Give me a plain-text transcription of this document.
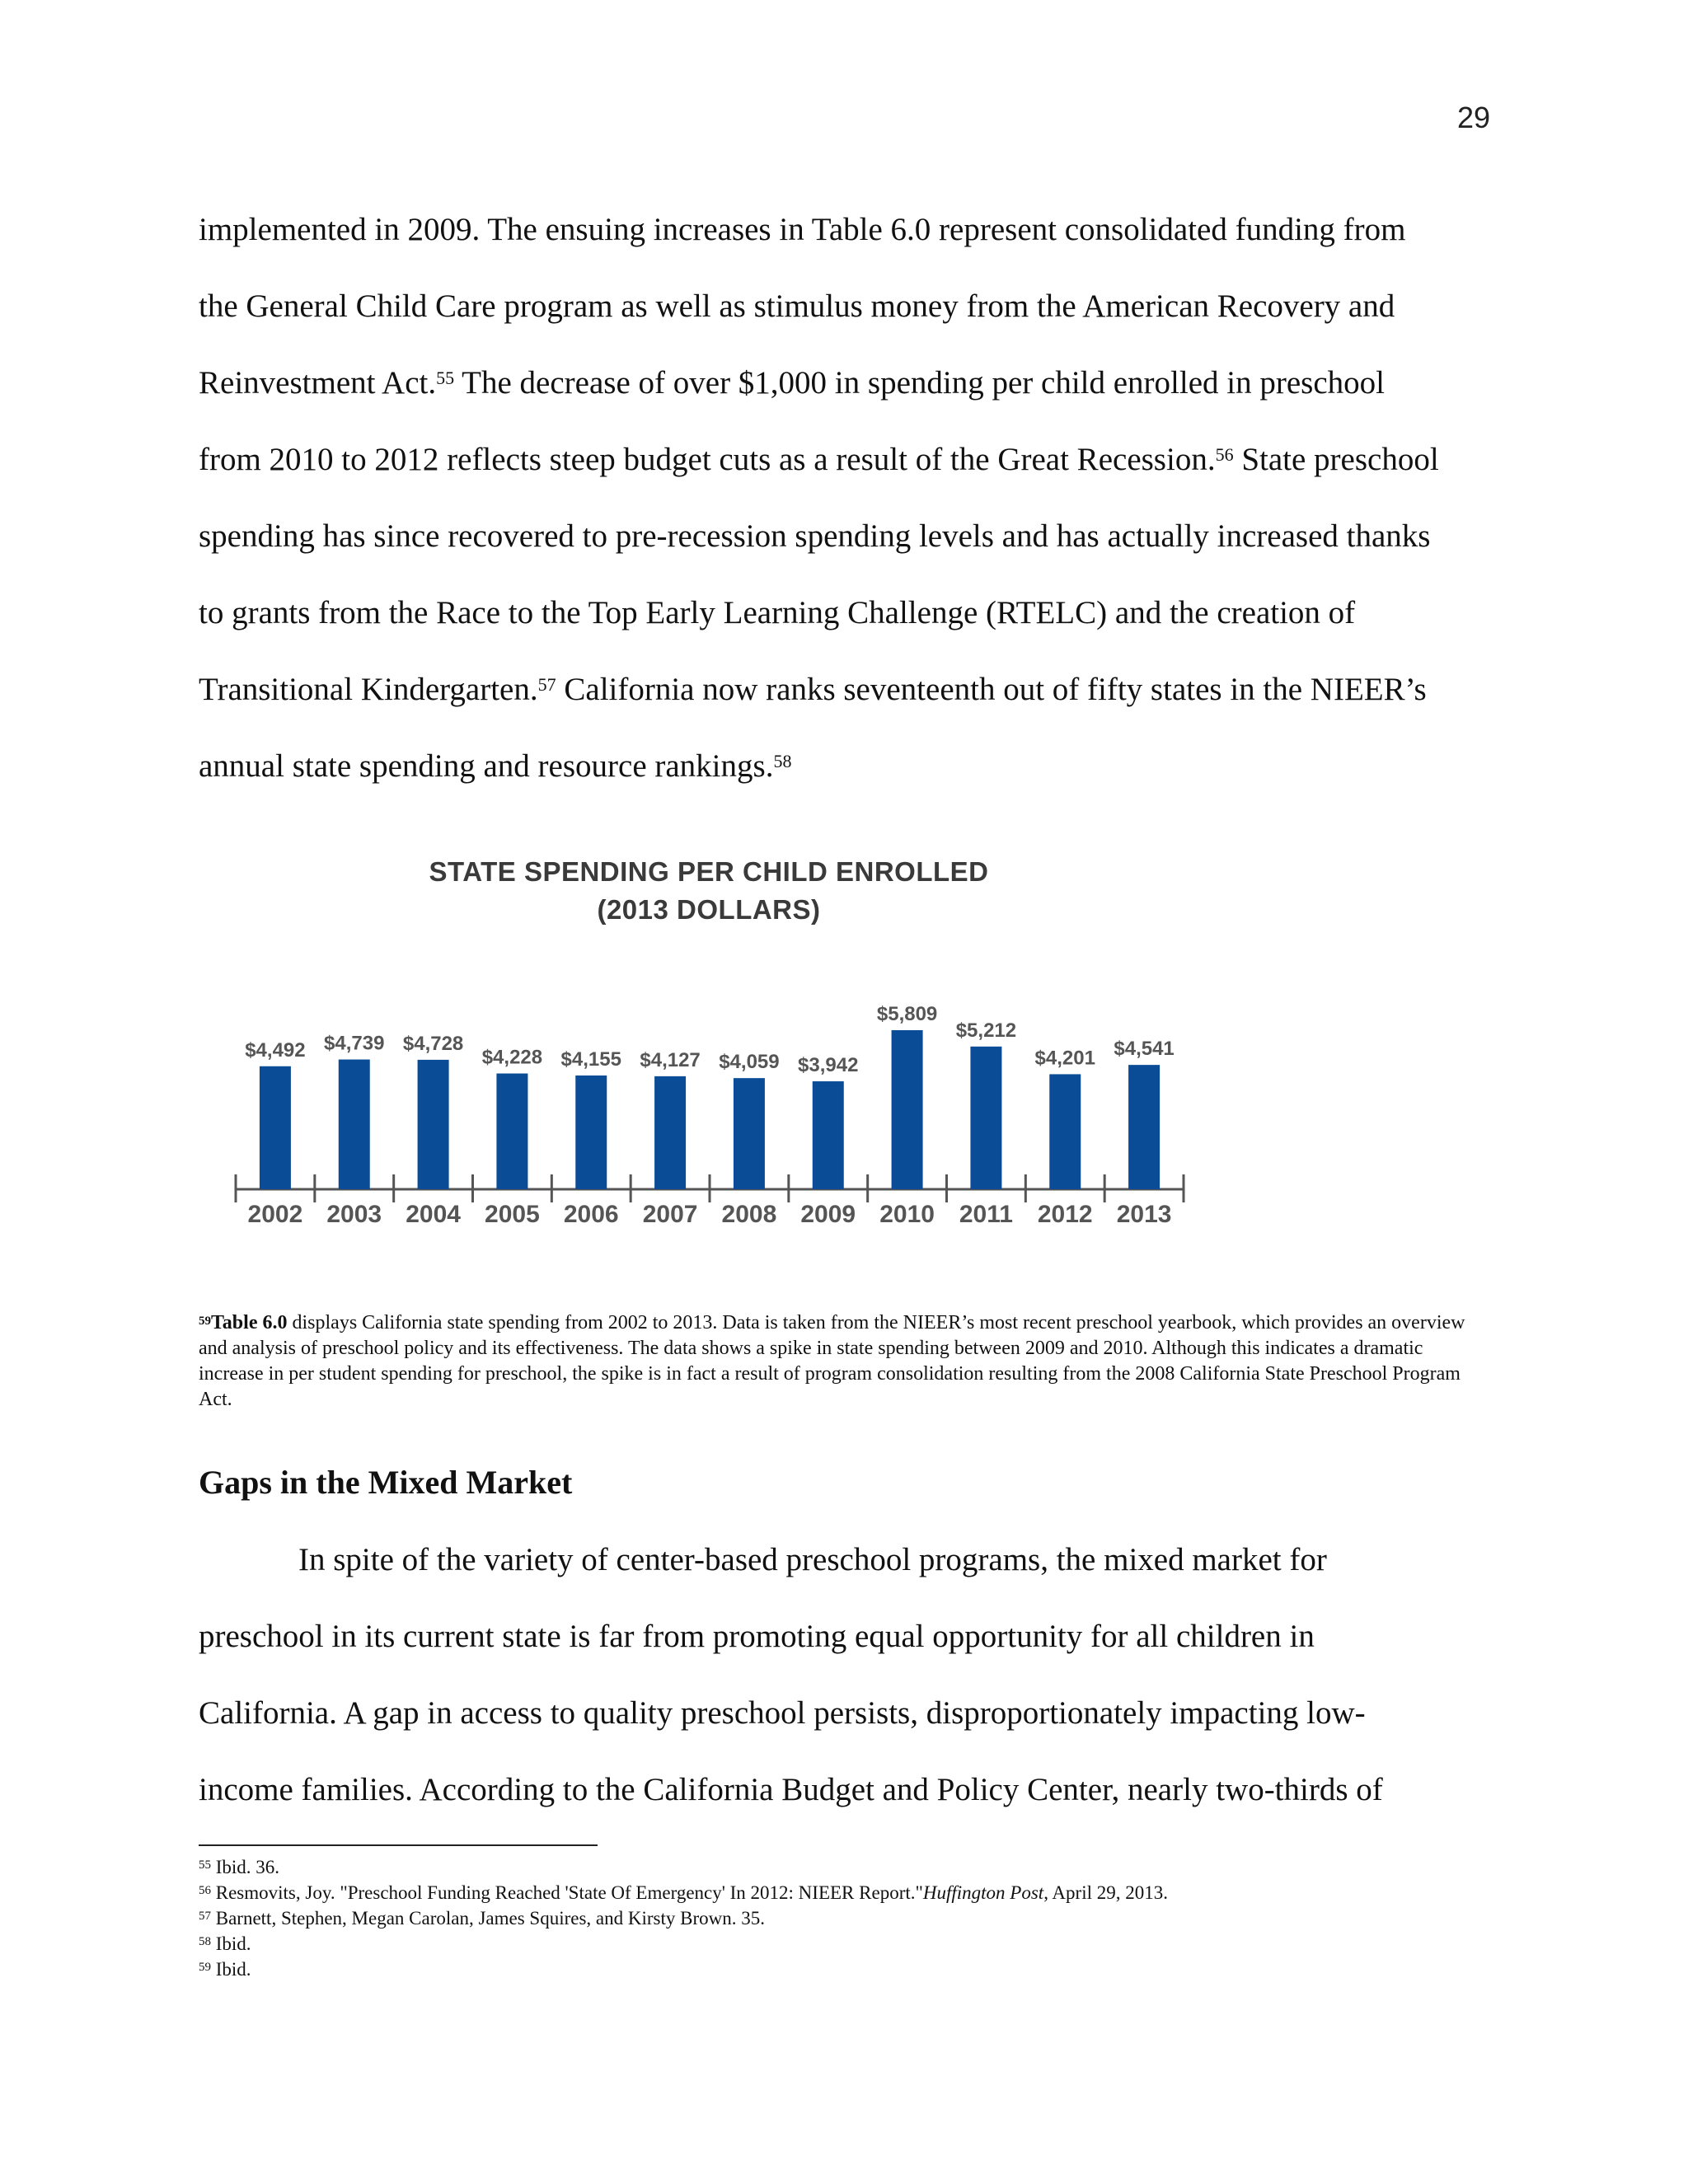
29

implemented in 2009. The ensuing increases in Table 6.0 represent consolidated funding from

the General Child Care program as well as stimulus money from the American Recovery and

Reinvestment Act.$^{55}$ The decrease of over $1,000 in spending per child enrolled in preschool

from 2010 to 2012 reflects steep budget cuts as a result of the Great Recession.$^{56}$ State preschool

spending has since recovered to pre-recession spending levels and has actually increased thanks

to grants from the Race to the Top Early Learning Challenge (RTELC) and the creation of

Transitional Kindergarten.$^{57}$ California now ranks seventeenth out of fifty states in the NIEER’s

annual state spending and resource rankings.$^{58}$

STATE SPENDING PER CHILD ENROLLED
(2013 DOLLARS)
$4,492
2002
$4,739
2003
$4,728
2004
$4,228
2005
$4,155
2006
$4,127
2007
$4,059
2008
$3,942
2009
$5,809
2010
$5,212
2011
$4,201
2012
$4,541
2013

$^{59}$Table 6.0 displays California state spending from 2002 to 2013. Data is taken from the NIEER’s most recent preschool yearbook, which provides an overview and analysis of preschool policy and its effectiveness. The data shows a spike in state spending between 2009 and 2010. Although this indicates a dramatic increase in per student spending for preschool, the spike is in fact a result of program consolidation resulting from the 2008 California State Preschool Program Act.

Gaps in the Mixed Market

In spite of the variety of center-based preschool programs, the mixed market for

preschool in its current state is far from promoting equal opportunity for all children in

California. A gap in access to quality preschool persists, disproportionately impacting low-

income families. According to the California Budget and Policy Center, nearly two-thirds of

$^{55}$ Ibid. 36.

$^{56}$ Resmovits, Joy. "Preschool Funding Reached 'State Of Emergency' In 2012: NIEER Report."Huffington Post, April 29, 2013.

$^{57}$ Barnett, Stephen, Megan Carolan, James Squires, and Kirsty Brown. 35.

$^{58}$ Ibid.

$^{59}$ Ibid.
